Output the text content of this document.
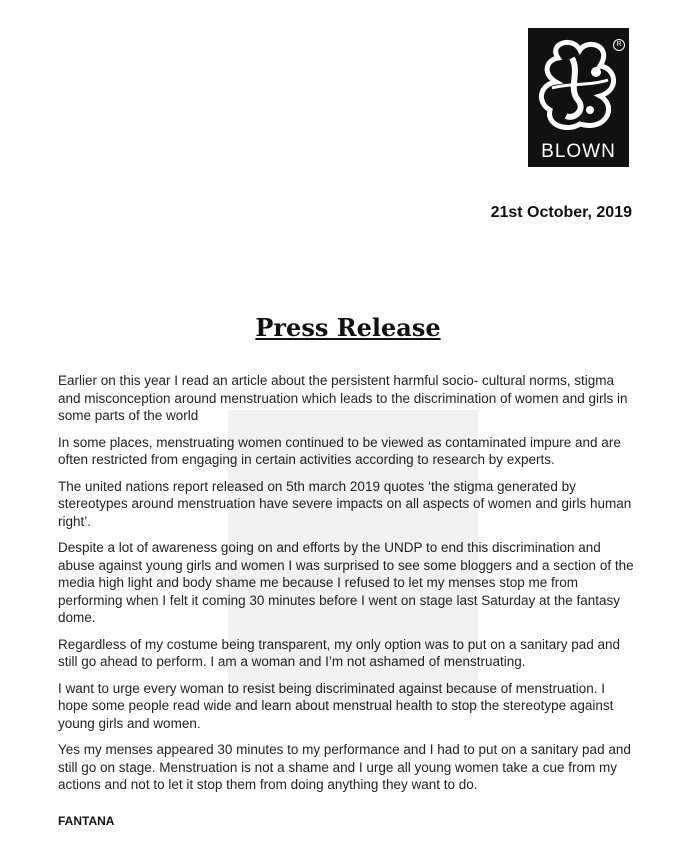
R
BLOWN
21st October, 2019
Press Release

Earlier on this year I read an article about the persistent harmful socio- cultural norms, stigma and misconception around menstruation which leads to the discrimination of women and girls in some parts of the world

In some places, menstruating women continued to be viewed as contaminated impure and are often restricted from engaging in certain activities according to research by experts.

The united nations report released on 5th march 2019 quotes ‘the stigma generated by stereotypes around menstruation have severe impacts on all aspects of women and girls human right’.

Despite a lot of awareness going on and efforts by the UNDP to end this discrimination and abuse against young girls and women I was surprised to see some bloggers and a section of the media high light and body shame me because I refused to let my menses stop me from performing when I felt it coming 30 minutes before I went on stage last Saturday at the fantasy dome.

Regardless of my costume being transparent, my only option was to put on a sanitary pad and still go ahead to perform. I am a woman and I’m not ashamed of menstruating.

I want to urge every woman to resist being discriminated against because of menstruation. I hope some people read wide and learn about menstrual health to stop the stereotype against young girls and women.

Yes my menses appeared 30 minutes to my performance and I had to put on a sanitary pad and still go on stage. Menstruation is not a shame and I urge all young women take a cue from my actions and not to let it stop them from doing anything they want to do.

FANTANA
